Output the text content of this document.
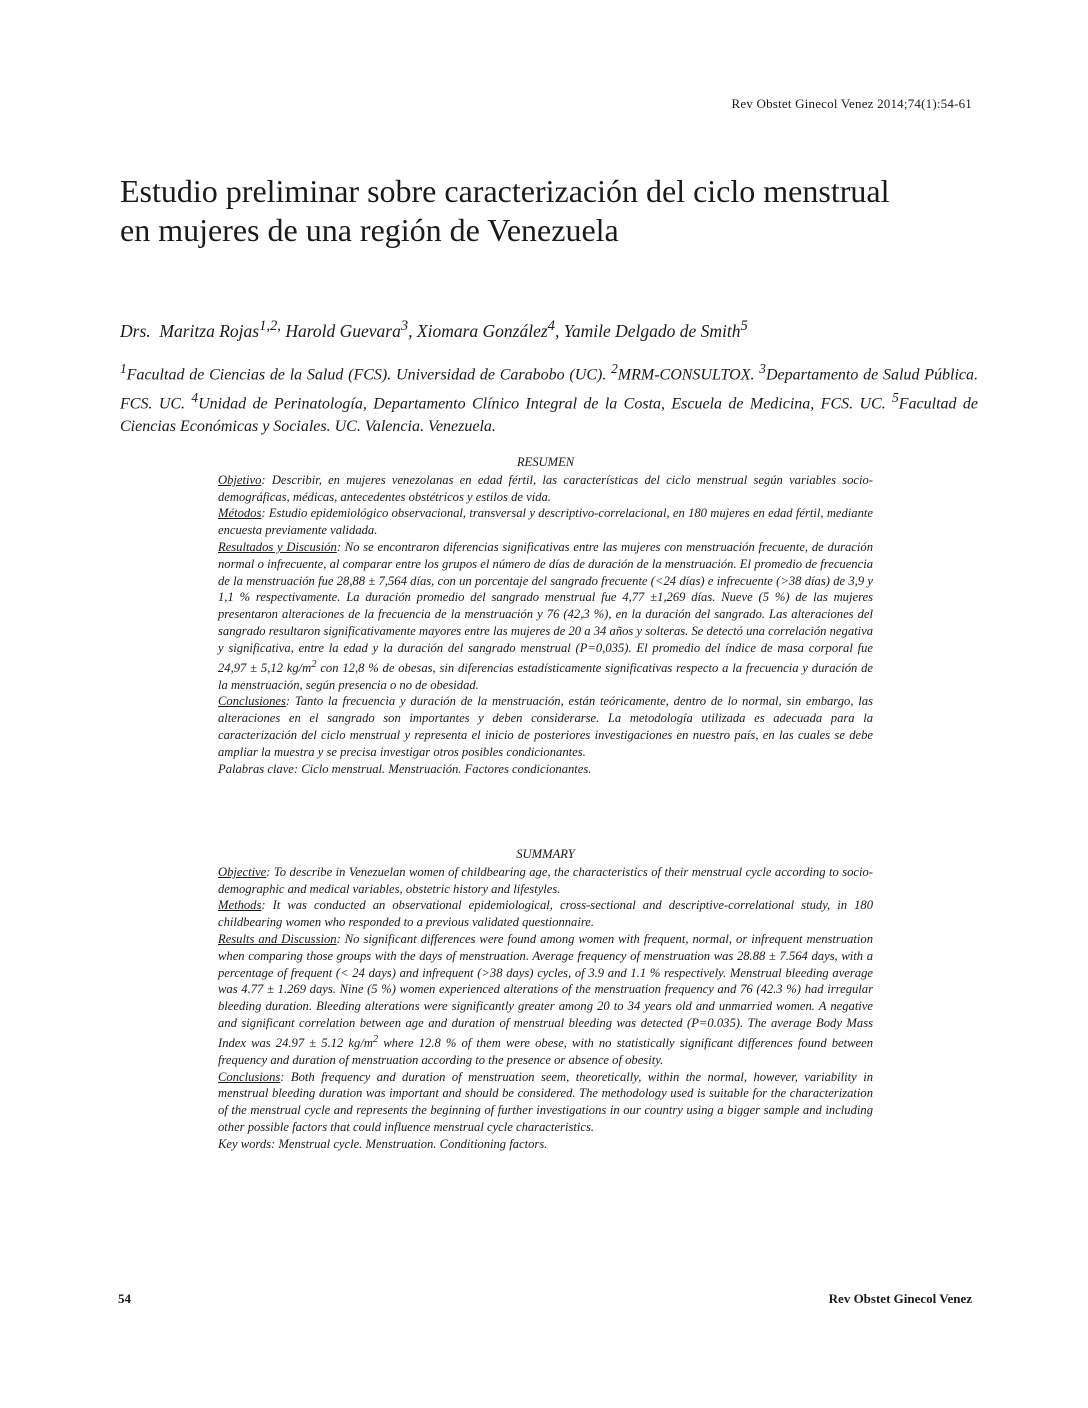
Rev Obstet Ginecol Venez 2014;74(1):54-61
Estudio preliminar sobre caracterización del ciclo menstrual
en mujeres de una región de Venezuela
Drs. Maritza Rojas$^{1,2,}$ Harold Guevara$^3$, Xiomara González$^4$, Yamile Delgado de Smith$^5$
$^1$Facultad de Ciencias de la Salud (FCS). Universidad de Carabobo (UC). $^2$MRM-CONSULTOX. $^3$Departamento de Salud Pública. FCS. UC. $^4$Unidad de Perinatología, Departamento Clínico Integral de la Costa, Escuela de Medicina, FCS. UC. $^5$Facultad de Ciencias Económicas y Sociales. UC. Valencia. Venezuela.
RESUMEN

Objetivo: Describir, en mujeres venezolanas en edad fértil, las características del ciclo menstrual según variables socio-demográficas, médicas, antecedentes obstétricos y estilos de vida.

Métodos: Estudio epidemiológico observacional, transversal y descriptivo-correlacional, en 180 mujeres en edad fértil, mediante encuesta previamente validada.

Resultados y Discusión: No se encontraron diferencias significativas entre las mujeres con menstruación frecuente, de duración normal o infrecuente, al comparar entre los grupos el número de días de duración de la menstruación. El promedio de frecuencia de la menstruación fue 28,88 ± 7,564 días, con un porcentaje del sangrado frecuente (<24 días) e infrecuente (>38 días) de 3,9 y 1,1 % respectivamente. La duración promedio del sangrado menstrual fue 4,77 ±1,269 días. Nueve (5 %) de las mujeres presentaron alteraciones de la frecuencia de la menstruación y 76 (42,3 %), en la duración del sangrado. Las alteraciones del sangrado resultaron significativamente mayores entre las mujeres de 20 a 34 años y solteras. Se detectó una correlación negativa y significativa, entre la edad y la duración del sangrado menstrual (P=0,035). El promedio del índice de masa corporal fue 24,97 ± 5,12 $kg/m^2$ con 12,8 % de obesas, sin diferencias estadísticamente significativas respecto a la frecuencia y duración de la menstruación, según presencia o no de obesidad.

Conclusiones: Tanto la frecuencia y duración de la menstruación, están teóricamente, dentro de lo normal, sin embargo, las alteraciones en el sangrado son importantes y deben considerarse. La metodología utilizada es adecuada para la caracterización del ciclo menstrual y representa el inicio de posteriores investigaciones en nuestro país, en las cuales se debe ampliar la muestra y se precisa investigar otros posibles condicionantes.

Palabras clave: Ciclo menstrual. Menstruación. Factores condicionantes.

SUMMARY

Objective: To describe in Venezuelan women of childbearing age, the characteristics of their menstrual cycle according to socio-demographic and medical variables, obstetric history and lifestyles.

Methods: It was conducted an observational epidemiological, cross-sectional and descriptive-correlational study, in 180 childbearing women who responded to a previous validated questionnaire.

Results and Discussion: No significant differences were found among women with frequent, normal, or infrequent menstruation when comparing those groups with the days of menstruation. Average frequency of menstruation was 28.88 ± 7.564 days, with a percentage of frequent (< 24 days) and infrequent (>38 days) cycles, of 3.9 and 1.1 % respectively. Menstrual bleeding average was 4.77 ± 1.269 days. Nine (5 %) women experienced alterations of the menstruation frequency and 76 (42.3 %) had irregular bleeding duration. Bleeding alterations were significantly greater among 20 to 34 years old and unmarried women. A negative and significant correlation between age and duration of menstrual bleeding was detected (P=0.035). The average Body Mass Index was 24.97 ± 5.12 $kg/m^2$ where 12.8 % of them were obese, with no statistically significant differences found between frequency and duration of menstruation according to the presence or absence of obesity.

Conclusions: Both frequency and duration of menstruation seem, theoretically, within the normal, however, variability in menstrual bleeding duration was important and should be considered. The methodology used is suitable for the characterization of the menstrual cycle and represents the beginning of further investigations in our country using a bigger sample and including other possible factors that could influence menstrual cycle characteristics.

Key words: Menstrual cycle. Menstruation. Conditioning factors.

54	Rev Obstet Ginecol Venez
